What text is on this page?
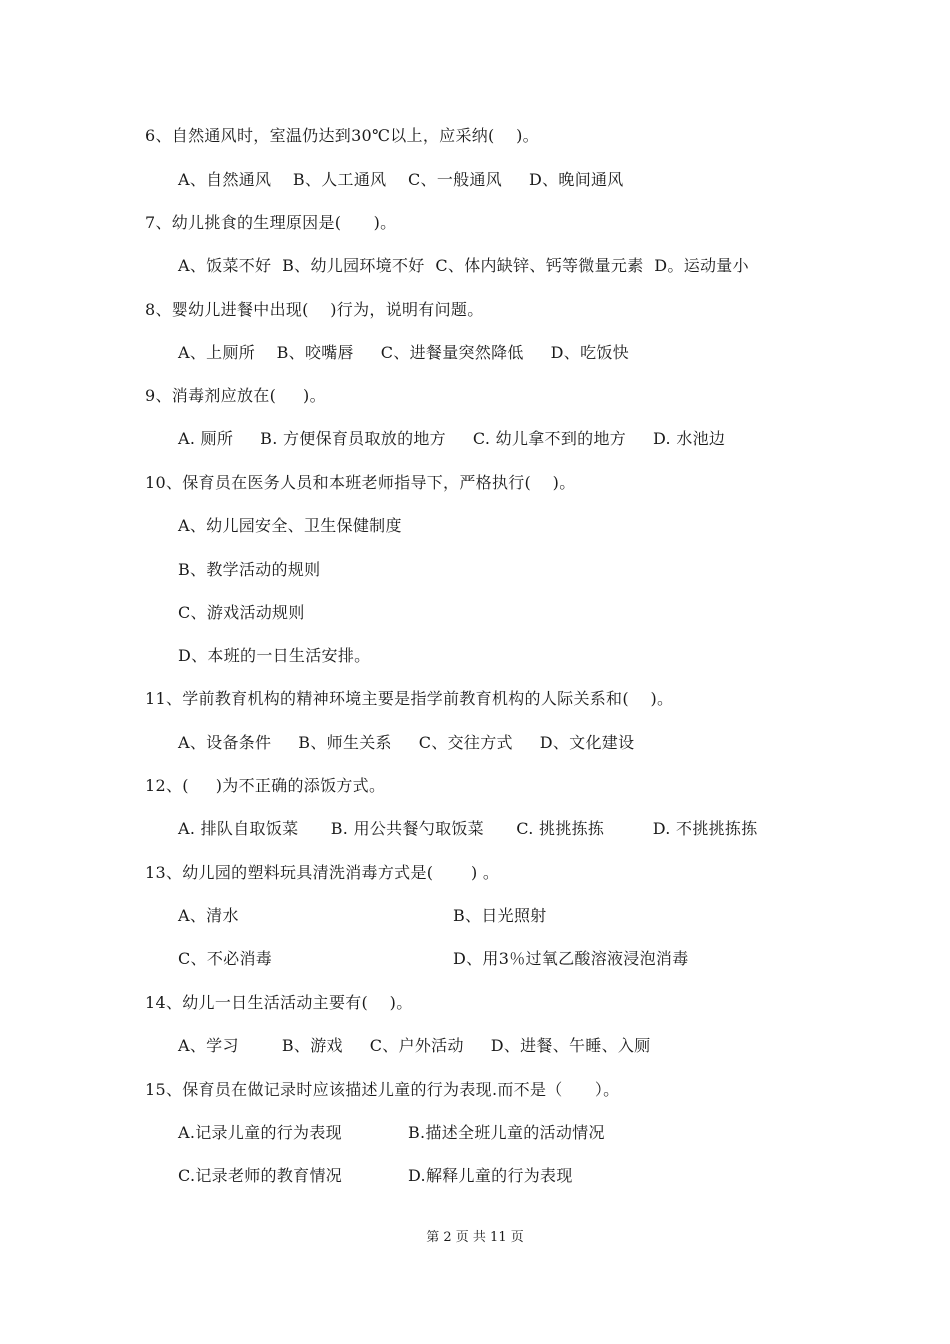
6、自然通风时，室温仍达到30℃以上，应采纳(    )。
A、自然通风    B、人工通风    C、一般通风     D、晚间通风
7、幼儿挑食的生理原因是(      )。
A、饭菜不好  B、幼儿园环境不好  C、体内缺锌、钙等微量元素  D。运动量小
8、婴幼儿进餐中出现(    )行为，说明有问题。
A、上厕所    B、咬嘴唇     C、进餐量突然降低     D、吃饭快
9、消毒剂应放在(     )。
A. 厕所     B. 方便保育员取放的地方     C. 幼儿拿不到的地方     D. 水池边
10、保育员在医务人员和本班老师指导下，严格执行(    )。
A、幼儿园安全、卫生保健制度
B、教学活动的规则
C、游戏活动规则
D、本班的一日生活安排。
11、学前教育机构的精神环境主要是指学前教育机构的人际关系和(    )。
A、设备条件     B、师生关系     C、交往方式     D、文化建设
12、(     )为不正确的添饭方式。
A. 排队自取饭菜      B. 用公共餐勺取饭菜      C. 挑挑拣拣         D. 不挑挑拣拣
13、幼儿园的塑料玩具清洗消毒方式是(       ) 。
A、清水	B、日光照射
C、不必消毒	D、用3％过氧乙酸溶液浸泡消毒
14、幼儿一日生活活动主要有(    )。
A、学习        B、游戏     C、户外活动     D、进餐、午睡、入厕
15、保育员在做记录时应该描述儿童的行为表现.而不是（      ）。
A.记录儿童的行为表现	B.描述全班儿童的活动情况
C.记录老师的教育情况	D.解释儿童的行为表现
第 2 页 共 11 页
